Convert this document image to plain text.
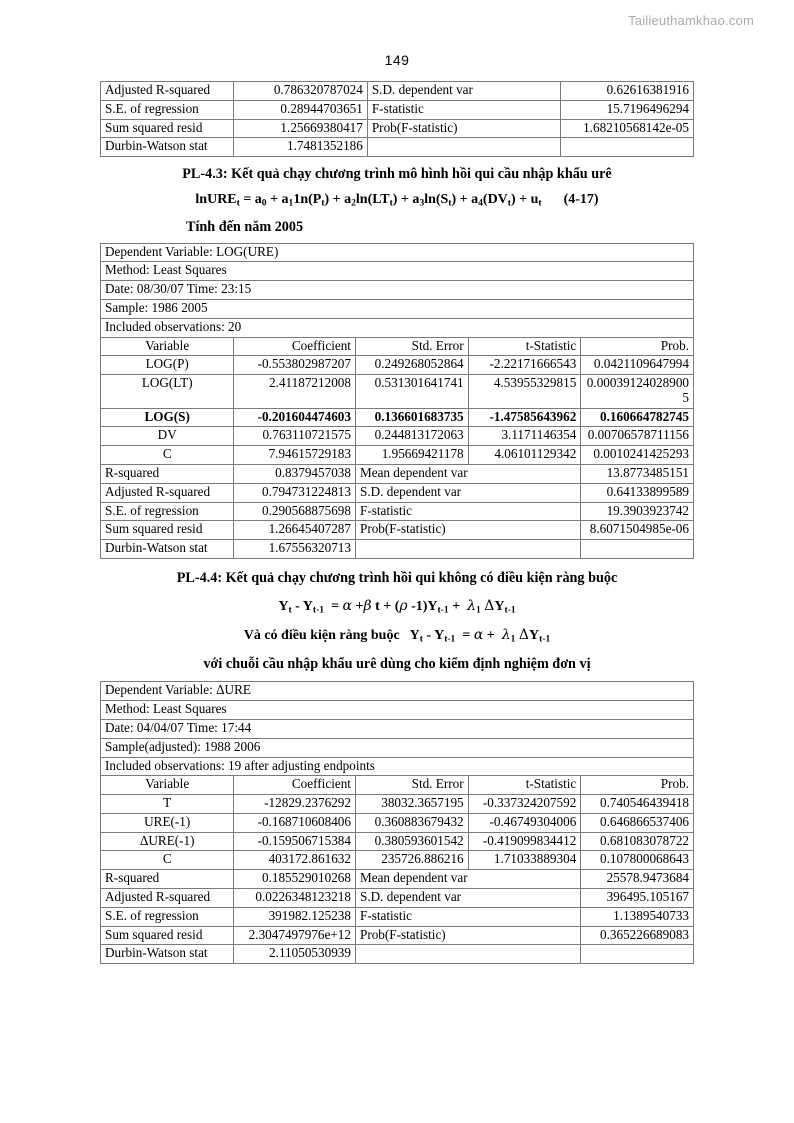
Tailieuthamkhao.com
149
Adjusted R-squared	0.786320787024	S.D. dependent var	0.62616381916
S.E. of regression	0.28944703651	F-statistic	15.7196496294
Sum squared resid	1.25669380417	Prob(F-statistic)	1.68210568142e-05
Durbin-Watson stat	1.7481352186		
PL-4.3: Kết quả chạy chương trình mô hình hồi qui cầu nhập khẩu urê
lnURE$_t$ = $a_0 + a_11n(P_t) + a_2\ln(LT_t) + a_3\ln(S_t) + a_4(DV_t) + u_t$ (4-17)
Tính đến năm 2005
Dependent Variable: LOG(URE)				
Method: Least Squares				
Date: 08/30/07 Time: 23:15				
Sample: 1986 2005				
Included observations: 20				
Variable	Coefficient	Std. Error	t-Statistic	Prob.
LOG(P)	-0.553802987207	0.249268052864	-2.22171666543	0.0421109647994
LOG(LT)	2.41187212008	0.531301641741	4.53955329815	0.000391240289005
LOG(S)	-0.201604474603	0.136601683735	-1.47585643962	0.160664782745
DV	0.763110721575	0.244813172063	3.1171146354	0.00706578711156
C	7.94615729183	1.95669421178	4.06101129342	0.0010241425293
R-squared	0.8379457038	Mean dependent var		13.8773485151
Adjusted R-squared	0.794731224813	S.D. dependent var		0.64133899589
S.E. of regression	0.290568875698	F-statistic		19.3903923742
Sum squared resid	1.26645407287	Prob(F-statistic)		8.6071504985e-06
Durbin-Watson stat	1.67556320713			
PL-4.4: Kết quả chạy chương trình hồi qui không có điều kiện ràng buộc
$Y_t - Y_{t-1} = \alpha +\beta$ t + (ρ $-1)Y_{t-1} + \lambda_1$ $\Delta Y_{t-1}$
Và có điều kiện ràng buộc   $Y_t - Y_{t-1} = \alpha + \lambda_1$ $\Delta Y_{t-1}$
với chuỗi cầu nhập khẩu urê dùng cho kiểm định nghiệm đơn vị
Dependent Variable: ΔURE				
Method: Least Squares				
Date: 04/04/07 Time: 17:44				
Sample(adjusted): 1988 2006				
Included observations: 19 after adjusting endpoints				
Variable	Coefficient	Std. Error	t-Statistic	Prob.
T	-12829.2376292	38032.3657195	-0.337324207592	0.740546439418
URE(-1)	-0.168710608406	0.360883679432	-0.46749304006	0.646866537406
ΔURE(-1)	-0.159506715384	0.380593601542	-0.419099834412	0.681083078722
C	403172.861632	235726.886216	1.71033889304	0.107800068643
R-squared	0.185529010268	Mean dependent var		25578.9473684
Adjusted R-squared	0.0226348123218	S.D. dependent var		396495.105167
S.E. of regression	391982.125238	F-statistic		1.1389540733
Sum squared resid	2.3047497976e+12	Prob(F-statistic)		0.365226689083
Durbin-Watson stat	2.11050530939			
